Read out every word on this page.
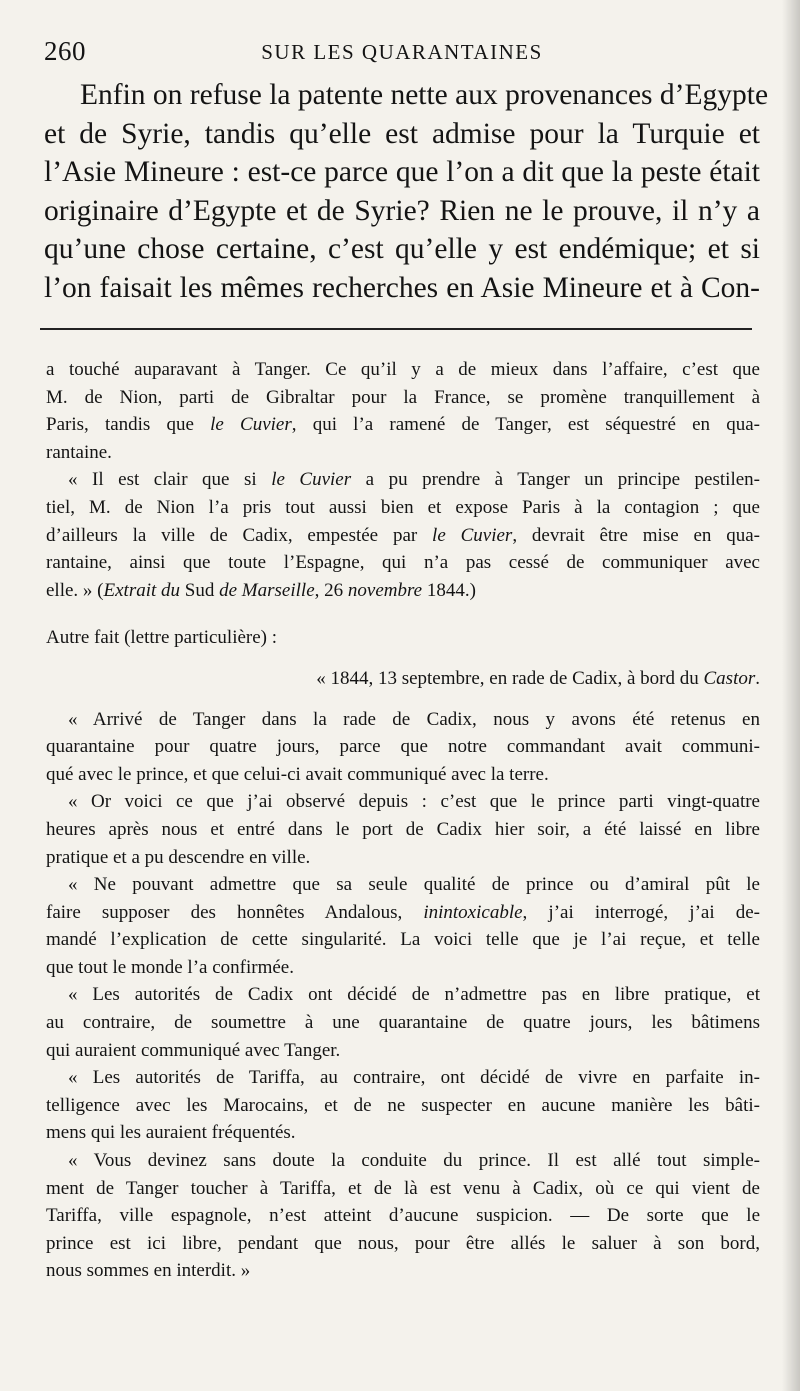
260	SUR LES QUARANTAINES
Enfin on refuse la patente nette aux provenances d’Egypte
et de Syrie, tandis qu’elle est admise pour la Turquie et
l’Asie Mineure : est-ce parce que l’on a dit que la peste était
originaire d’Egypte et de Syrie? Rien ne le prouve, il n’y a
qu’une chose certaine, c’est qu’elle y est endémique; et si
l’on faisait les mêmes recherches en Asie Mineure et à Con-
a touché auparavant à Tanger. Ce qu’il y a de mieux dans l’affaire, c’est que
M. de Nion, parti de Gibraltar pour la France, se promène tranquillement à
Paris, tandis que le Cuvier, qui l’a ramené de Tanger, est séquestré en qua-
rantaine.
« Il est clair que si le Cuvier a pu prendre à Tanger un principe pestilen-
tiel, M. de Nion l’a pris tout aussi bien et expose Paris à la contagion ; que
d’ailleurs la ville de Cadix, empestée par le Cuvier, devrait être mise en qua-
rantaine, ainsi que toute l’Espagne, qui n’a pas cessé de communiquer avec
elle. » (Extrait du Sud de Marseille, 26 novembre 1844.)
Autre fait (lettre particulière) :
« 1844, 13 septembre, en rade de Cadix, à bord du Castor.
« Arrivé de Tanger dans la rade de Cadix, nous y avons été retenus en
quarantaine pour quatre jours, parce que notre commandant avait communi-
qué avec le prince, et que celui-ci avait communiqué avec la terre.
« Or voici ce que j’ai observé depuis : c’est que le prince parti vingt-quatre
heures après nous et entré dans le port de Cadix hier soir, a été laissé en libre
pratique et a pu descendre en ville.
« Ne pouvant admettre que sa seule qualité de prince ou d’amiral pût le
faire supposer des honnêtes Andalous, inintoxicable, j’ai interrogé, j’ai de-
mandé l’explication de cette singularité. La voici telle que je l’ai reçue, et telle
que tout le monde l’a confirmée.
« Les autorités de Cadix ont décidé de n’admettre pas en libre pratique, et
au contraire, de soumettre à une quarantaine de quatre jours, les bâtimens
qui auraient communiqué avec Tanger.
« Les autorités de Tariffa, au contraire, ont décidé de vivre en parfaite in-
telligence avec les Marocains, et de ne suspecter en aucune manière les bâti-
mens qui les auraient fréquentés.
« Vous devinez sans doute la conduite du prince. Il est allé tout simple-
ment de Tanger toucher à Tariffa, et de là est venu à Cadix, où ce qui vient de
Tariffa, ville espagnole, n’est atteint d’aucune suspicion. — De sorte que le
prince est ici libre, pendant que nous, pour être allés le saluer à son bord,
nous sommes en interdit. »
